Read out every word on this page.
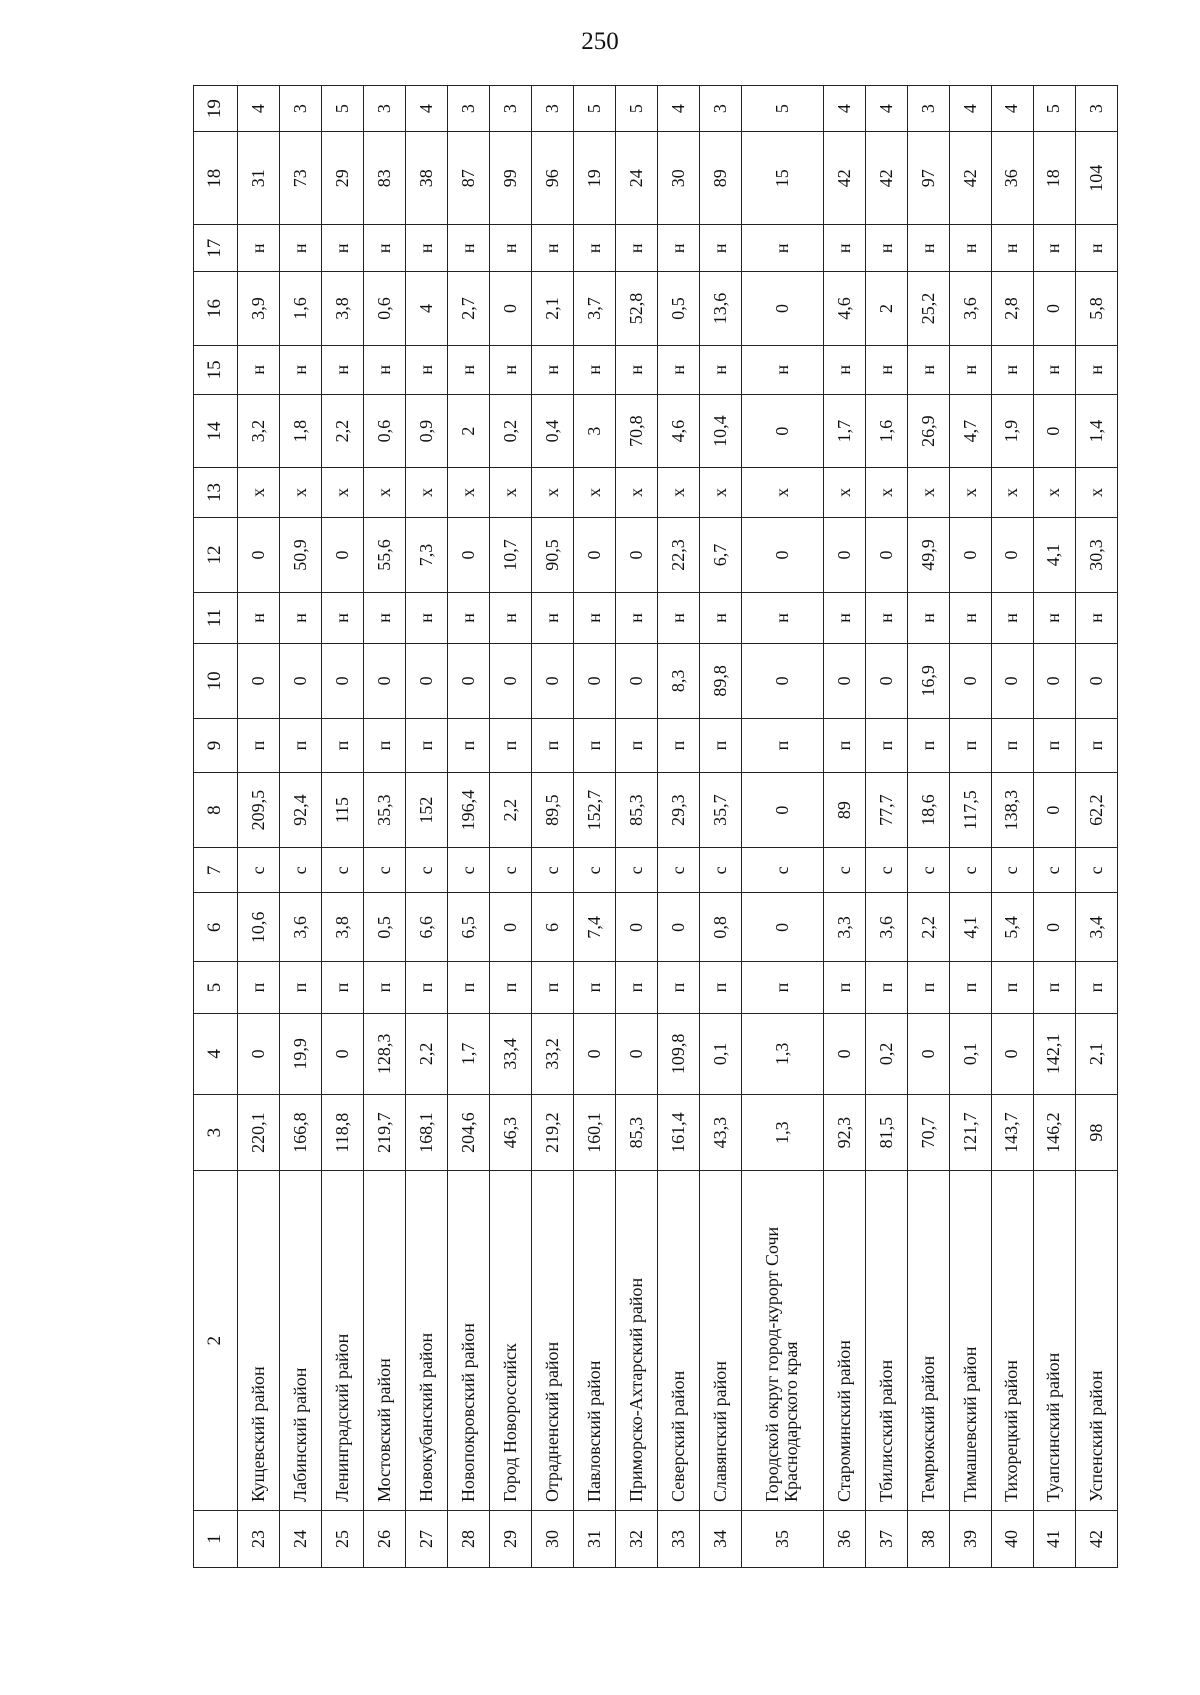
250
1	2	3	4	5	6	7	8	9	10	11	12	13	14	15	16	17	18	19
23	Кущевский район	220,1	0	п	10,6	с	209,5	п	0	н	0	х	3,2	н	3,9	н	31	4
24	Лабинский район	166,8	19,9	п	3,6	с	92,4	п	0	н	50,9	х	1,8	н	1,6	н	73	3
25	Ленинградский район	118,8	0	п	3,8	с	115	п	0	н	0	х	2,2	н	3,8	н	29	5
26	Мостовский район	219,7	128,3	п	0,5	с	35,3	п	0	н	55,6	х	0,6	н	0,6	н	83	3
27	Новокубанский район	168,1	2,2	п	6,6	с	152	п	0	н	7,3	х	0,9	н	4	н	38	4
28	Новопокровский район	204,6	1,7	п	6,5	с	196,4	п	0	н	0	х	2	н	2,7	н	87	3
29	Город Новороссийск	46,3	33,4	п	0	с	2,2	п	0	н	10,7	х	0,2	н	0	н	99	3
30	Отрадненский район	219,2	33,2	п	6	с	89,5	п	0	н	90,5	х	0,4	н	2,1	н	96	3
31	Павловский район	160,1	0	п	7,4	с	152,7	п	0	н	0	х	3	н	3,7	н	19	5
32	Приморско-Ахтарский район	85,3	0	п	0	с	85,3	п	0	н	0	х	70,8	н	52,8	н	24	5
33	Северский район	161,4	109,8	п	0	с	29,3	п	8,3	н	22,3	х	4,6	н	0,5	н	30	4
34	Славянский район	43,3	0,1	п	0,8	с	35,7	п	89,8	н	6,7	х	10,4	н	13,6	н	89	3
35	Городской округ город-курорт Сочи Краснодарского края	1,3	1,3	п	0	с	0	п	0	н	0	х	0	н	0	н	15	5
36	Староминский район	92,3	0	п	3,3	с	89	п	0	н	0	х	1,7	н	4,6	н	42	4
37	Тбилисский район	81,5	0,2	п	3,6	с	77,7	п	0	н	0	х	1,6	н	2	н	42	4
38	Темрюкский район	70,7	0	п	2,2	с	18,6	п	16,9	н	49,9	х	26,9	н	25,2	н	97	3
39	Тимашевский район	121,7	0,1	п	4,1	с	117,5	п	0	н	0	х	4,7	н	3,6	н	42	4
40	Тихорецкий район	143,7	0	п	5,4	с	138,3	п	0	н	0	х	1,9	н	2,8	н	36	4
41	Туапсинский район	146,2	142,1	п	0	с	0	п	0	н	4,1	х	0	н	0	н	18	5
42	Успенский район	98	2,1	п	3,4	с	62,2	п	0	н	30,3	х	1,4	н	5,8	н	104	3
